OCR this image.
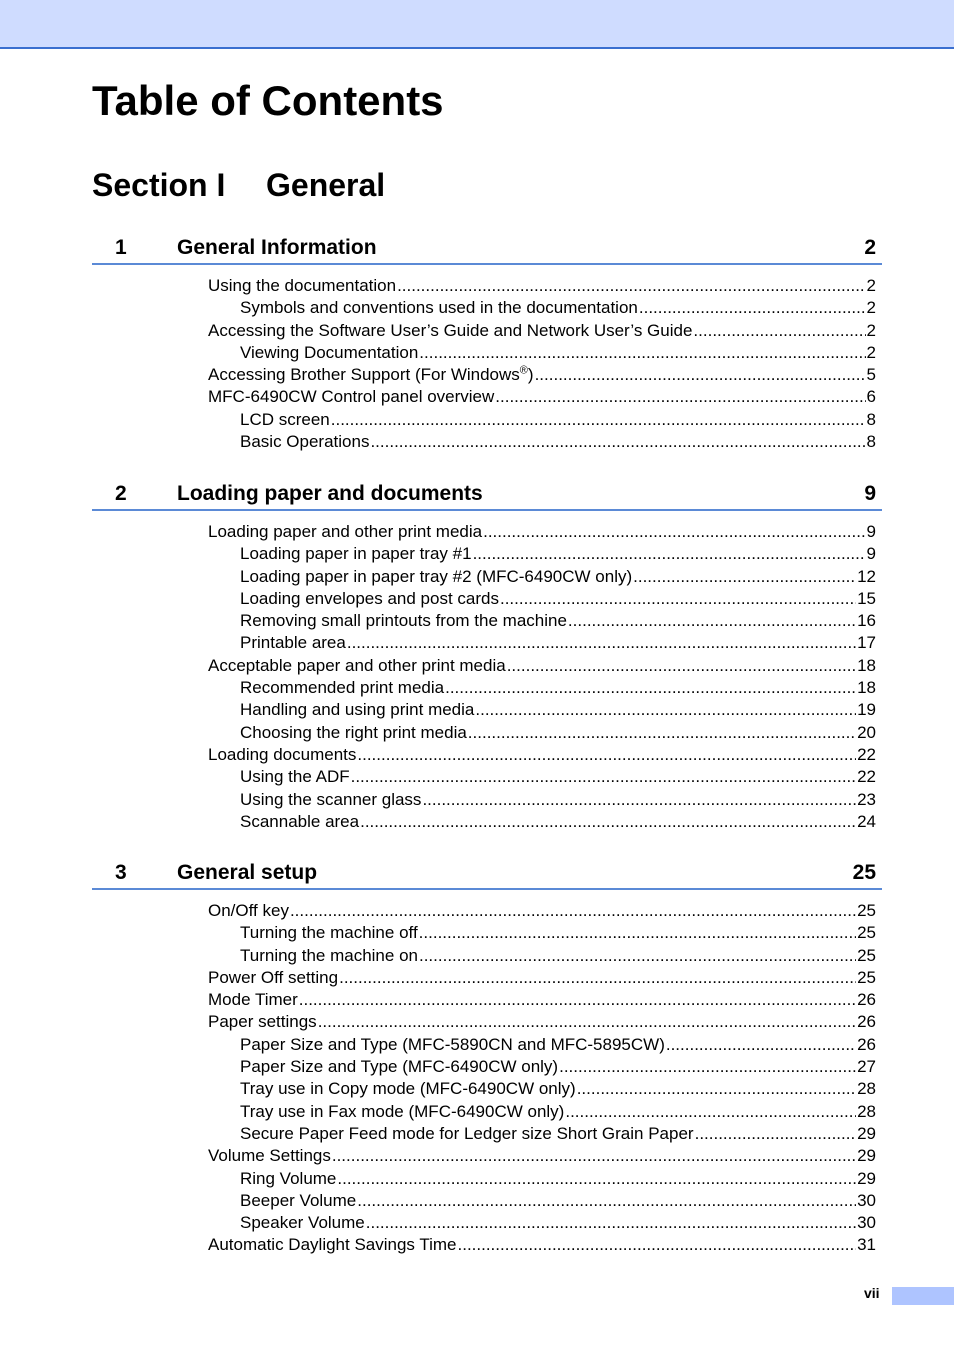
Table of Contents
Section I General
1 General Information	2
Using the documentation .....	2
Symbols and conventions used in the documentation .....	2
Accessing the Software User’s Guide and Network User’s Guide .....	2
Viewing Documentation .....	2
Accessing Brother Support (For Windows®) .....	5
MFC-6490CW Control panel overview .....	6
LCD screen .....	8
Basic Operations .....	8
2 Loading paper and documents	9
Loading paper and other print media .....	9
Loading paper in paper tray #1 .....	9
Loading paper in paper tray #2 (MFC-6490CW only) .....	12
Loading envelopes and post cards .....	15
Removing small printouts from the machine .....	16
Printable area .....	17
Acceptable paper and other print media .....	18
Recommended print media .....	18
Handling and using print media .....	19
Choosing the right print media .....	20
Loading documents .....	22
Using the ADF .....	22
Using the scanner glass .....	23
Scannable area .....	24
3 General setup	25
On/Off key .....	25
Turning the machine off .....	25
Turning the machine on .....	25
Power Off setting .....	25
Mode Timer .....	26
Paper settings .....	26
Paper Size and Type (MFC-5890CN and MFC-5895CW) .....	26
Paper Size and Type (MFC-6490CW only) .....	27
Tray use in Copy mode (MFC-6490CW only) .....	28
Tray use in Fax mode (MFC-6490CW only) .....	28
Secure Paper Feed mode for Ledger size Short Grain Paper .....	29
Volume Settings .....	29
Ring Volume .....	29
Beeper Volume .....	30
Speaker Volume .....	30
Automatic Daylight Savings Time .....	31
vii
